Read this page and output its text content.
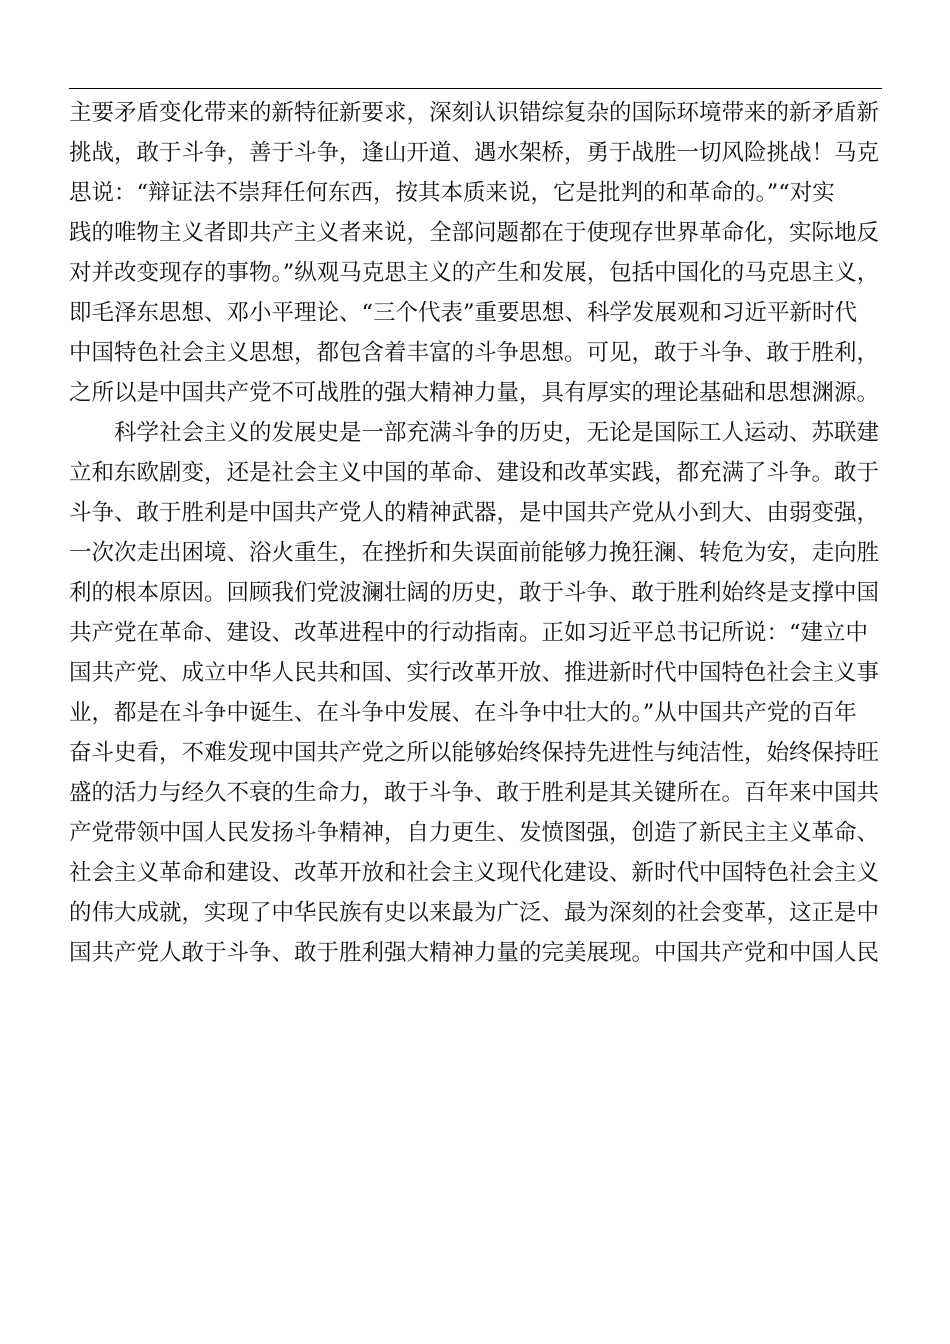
主要矛盾变化带来的新特征新要求，深刻认识错综复杂的国际环境带来的新矛盾新
挑战，敢于斗争，善于斗争，逢山开道、遇水架桥，勇于战胜一切风险挑战！马克
思说：“辩证法不崇拜任何东西，按其本质来说，它是批判的和革命的。”“对实
践的唯物主义者即共产主义者来说，全部问题都在于使现存世界革命化，实际地反
对并改变现存的事物。”纵观马克思主义的产生和发展，包括中国化的马克思主义，
即毛泽东思想、邓小平理论、“三个代表”重要思想、科学发展观和习近平新时代
中国特色社会主义思想，都包含着丰富的斗争思想。可见，敢于斗争、敢于胜利，
之所以是中国共产党不可战胜的强大精神力量，具有厚实的理论基础和思想渊源。
科学社会主义的发展史是一部充满斗争的历史，无论是国际工人运动、苏联建
立和东欧剧变，还是社会主义中国的革命、建设和改革实践，都充满了斗争。敢于
斗争、敢于胜利是中国共产党人的精神武器，是中国共产党从小到大、由弱变强，
一次次走出困境、浴火重生，在挫折和失误面前能够力挽狂澜、转危为安，走向胜
利的根本原因。回顾我们党波澜壮阔的历史，敢于斗争、敢于胜利始终是支撑中国
共产党在革命、建设、改革进程中的行动指南。正如习近平总书记所说：“建立中
国共产党、成立中华人民共和国、实行改革开放、推进新时代中国特色社会主义事
业，都是在斗争中诞生、在斗争中发展、在斗争中壮大的。”从中国共产党的百年
奋斗史看，不难发现中国共产党之所以能够始终保持先进性与纯洁性，始终保持旺
盛的活力与经久不衰的生命力，敢于斗争、敢于胜利是其关键所在。百年来中国共
产党带领中国人民发扬斗争精神，自力更生、发愤图强，创造了新民主主义革命、
社会主义革命和建设、改革开放和社会主义现代化建设、新时代中国特色社会主义
的伟大成就，实现了中华民族有史以来最为广泛、最为深刻的社会变革，这正是中
国共产党人敢于斗争、敢于胜利强大精神力量的完美展现。中国共产党和中国人民
